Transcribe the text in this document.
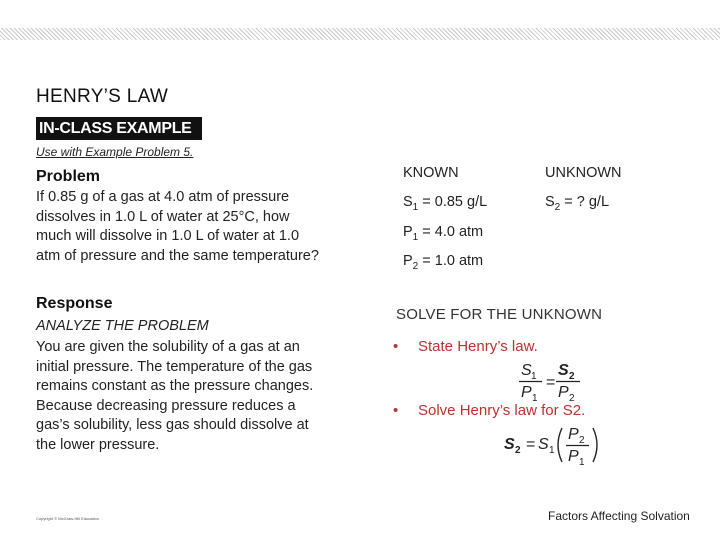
HENRY’S LAW
IN-CLASS EXAMPLE
Use with Example Problem 5.
Problem
If 0.85 g of a gas at 4.0 atm of pressure dissolves in 1.0 L of water at 25°C, how much will dissolve in 1.0 L of water at 1.0 atm of pressure and the same temperature?
Response
ANALYZE THE PROBLEM
You are given the solubility of a gas at an initial pressure. The temperature of the gas remains constant as the pressure changes. Because decreasing pressure reduces a gas’s solubility, less gas should dissolve at the lower pressure.
KNOWN	UNKNOWN
$S_1 = 0.85$ g/L
$P_1 = 4.0$ atm
$P_2 = 1.0$ atm
$S_2$ = ? g/L
SOLVE FOR THE UNKNOWN
• State Henry’s law.
S 1
P 1
=
S 2
P 2
• Solve Henry’s law for S2.
S 2 = S 1
P 2
P 1
Copyright © McGraw-Hill Education	Factors Affecting Solvation
